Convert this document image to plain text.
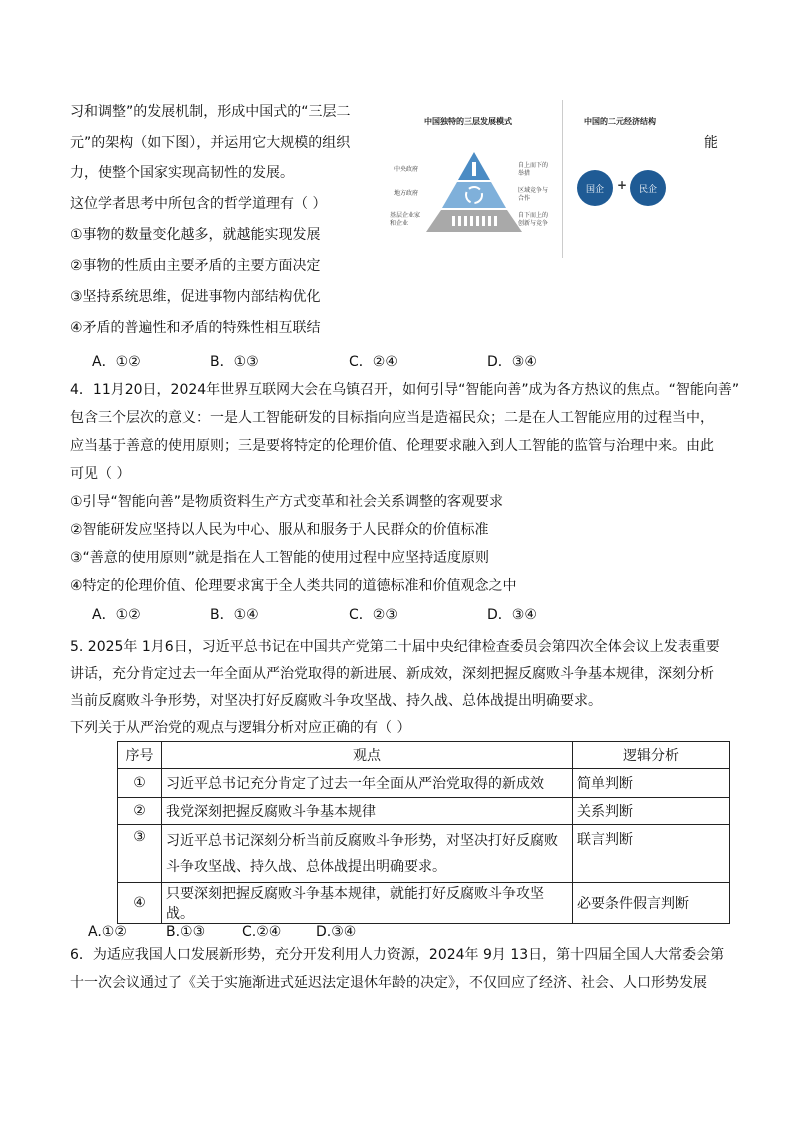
习和调整”的发展机制，形成中国式的“三层二
元”的架构（如下图），并运用它大规模的组织
力，使整个国家实现高韧性的发展。
这位学者思考中所包含的哲学道理有（ ）
①事物的数量变化越多，就越能实现发展
②事物的性质由主要矛盾的主要方面决定
③坚持系统思维，促进事物内部结构优化
④矛盾的普遍性和矛盾的特殊性相互联结
能
中国独特的三层发展模式	中国的二元经济结构
中央政府
地方政府
基层企业家
和企业
自上而下的
举措
区域竞争与
合作
自下而上的
创新与竞争
国企 + 民企
A．①②	B．①③	C．②④	D．③④
4．11月20日，2024年世界互联网大会在乌镇召开，如何引导“智能向善”成为各方热议的焦点。“智能向善”
包含三个层次的意义：一是人工智能研发的目标指向应当是造福民众；二是在人工智能应用的过程当中，
应当基于善意的使用原则；三是要将特定的伦理价值、伦理要求融入到人工智能的监管与治理中来。由此
可见（ ）
①引导“智能向善”是物质资料生产方式变革和社会关系调整的客观要求
②智能研发应坚持以人民为中心、服从和服务于人民群众的价值标准
③“善意的使用原则”就是指在人工智能的使用过程中应坚持适度原则
④特定的伦理价值、伦理要求寓于全人类共同的道德标准和价值观念之中
A．①②	B．①④	C．②③	D．③④
5. 2025年 1月6日，习近平总书记在中国共产党第二十届中央纪律检查委员会第四次全体会议上发表重要
讲话，充分肯定过去一年全面从严治党取得的新进展、新成效，深刻把握反腐败斗争基本规律，深刻分析
当前反腐败斗争形势，对坚决打好反腐败斗争攻坚战、持久战、总体战提出明确要求。
下列关于从严治党的观点与逻辑分析对应正确的有（ ）
序号	观点	逻辑分析
①	习近平总书记充分肯定了过去一年全面从严治党取得的新成效	简单判断
②	我党深刻把握反腐败斗争基本规律	关系判断
③	习近平总书记深刻分析当前反腐败斗争形势，对坚决打好反腐败斗争攻坚战、持久战、总体战提出明确要求。	联言判断
④	只要深刻把握反腐败斗争基本规律，就能打好反腐败斗争攻坚战。	必要条件假言判断
A.①②	B.①③	C.②④ D.③④
6．为适应我国人口发展新形势，充分开发利用人力资源，2024年 9月 13日，第十四届全国人大常委会第
十一次会议通过了《关于实施渐进式延迟法定退休年龄的决定》，不仅回应了经济、社会、人口形势发展
